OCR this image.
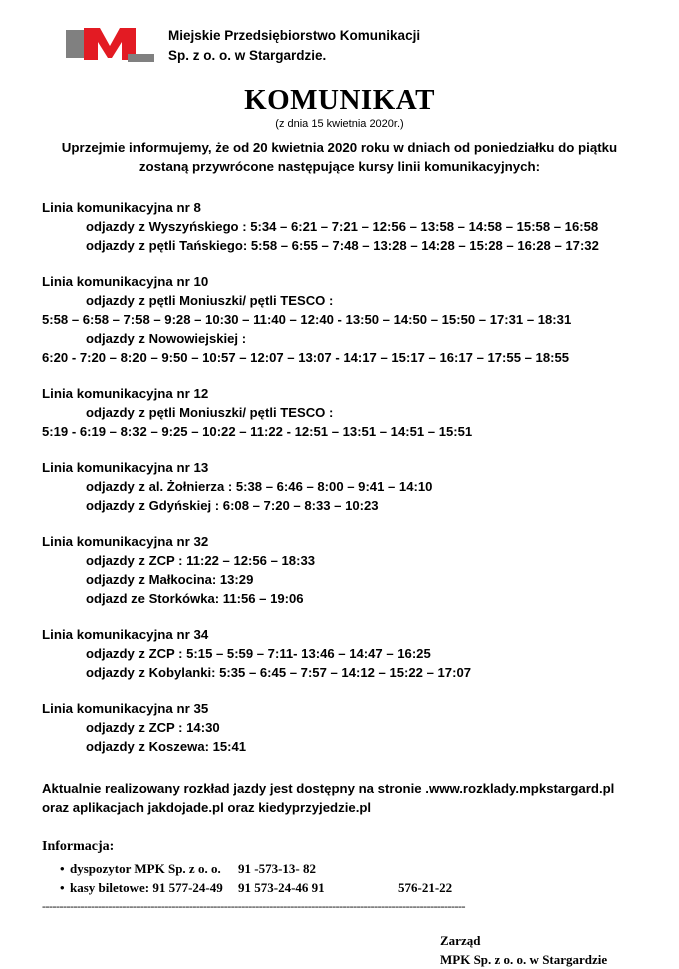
Miejskie Przedsiębiorstwo Komunikacji
Sp. z o. o. w Stargardzie.
KOMUNIKAT
(z dnia 15 kwietnia 2020r.)
Uprzejmie informujemy, że od 20 kwietnia 2020 roku w dniach od poniedziałku do piątku zostaną przywrócone następujące kursy linii komunikacyjnych:
Linia komunikacyjna nr 8
odjazdy z Wyszyńskiego : 5:34 – 6:21 – 7:21 – 12:56 – 13:58 – 14:58 – 15:58 – 16:58
odjazdy z pętli Tańskiego: 5:58 – 6:55 – 7:48 – 13:28 – 14:28 – 15:28 – 16:28 – 17:32
Linia komunikacyjna nr 10
odjazdy z pętli Moniuszki/ pętli TESCO :
5:58 – 6:58 – 7:58 – 9:28 – 10:30 – 11:40 – 12:40 - 13:50 – 14:50 – 15:50 – 17:31 – 18:31
odjazdy z Nowowiejskiej :
6:20 - 7:20 – 8:20 – 9:50 – 10:57 – 12:07 – 13:07 - 14:17 – 15:17 – 16:17 – 17:55 – 18:55
Linia komunikacyjna nr 12
odjazdy z pętli Moniuszki/ pętli TESCO :
5:19 - 6:19 – 8:32 – 9:25 – 10:22 – 11:22 - 12:51 – 13:51 – 14:51 – 15:51
Linia komunikacyjna nr 13
odjazdy z al. Żołnierza : 5:38 – 6:46 – 8:00 – 9:41 – 14:10
odjazdy z Gdyńskiej : 6:08 – 7:20 – 8:33 – 10:23
Linia komunikacyjna nr 32
odjazdy z ZCP : 11:22 – 12:56 – 18:33
odjazdy z Małkocina: 13:29
odjazd ze Storkówka: 11:56 – 19:06
Linia komunikacyjna nr 34
odjazdy z ZCP : 5:15 – 5:59 – 7:11- 13:46 – 14:47 – 16:25
odjazdy z Kobylanki: 5:35 – 6:45 – 7:57 – 14:12 – 15:22 – 17:07
Linia komunikacyjna nr 35
odjazdy z ZCP : 14:30
odjazdy z Koszewa: 15:41
Aktualnie realizowany rozkład jazdy jest dostępny na stronie .www.rozklady.mpkstargard.pl
oraz aplikacjach jakdojade.pl oraz kiedyprzyjedzie.pl
Informacja:
• dyspozytor MPK Sp. z o. o.	91 -573-13- 82
• kasy biletowe: 91 577-24-49	91 573-24-46 91	576-21-22
-------------------------------------------------------------------------------------------------------------------------
Zarząd
MPK Sp. z o. o. w Stargardzie
